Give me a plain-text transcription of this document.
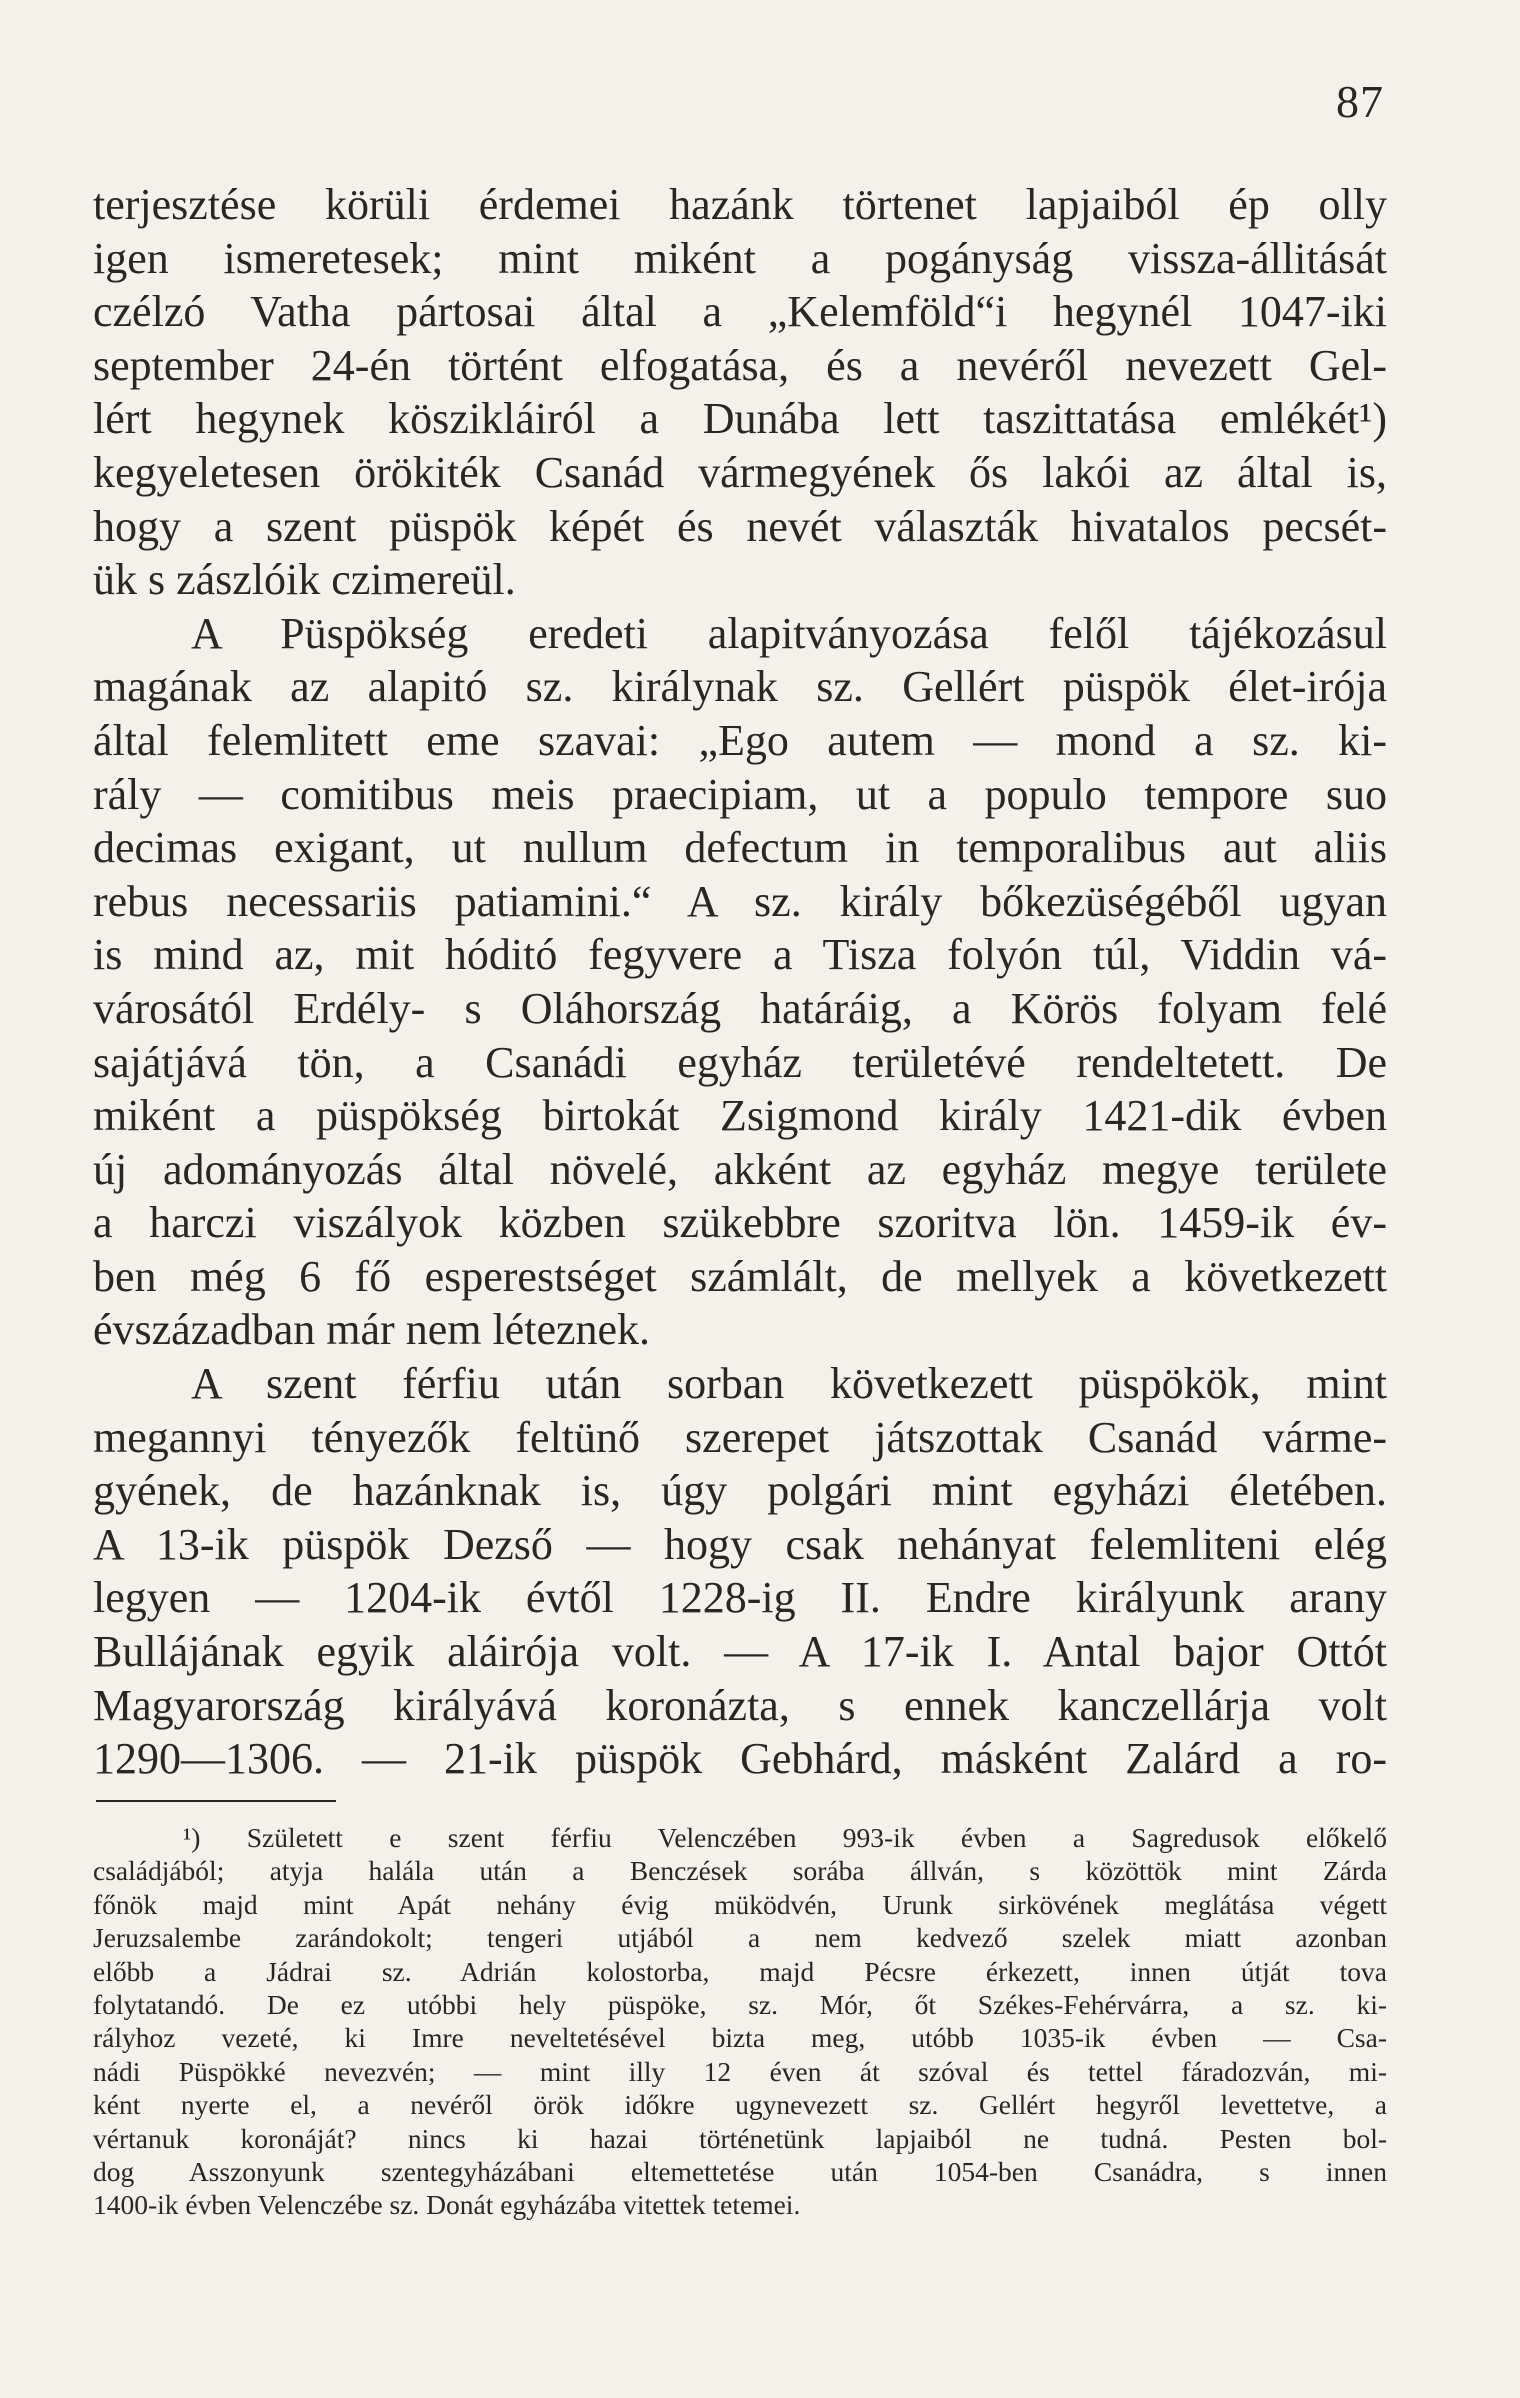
87
terjesztése körüli érdemei hazánk törtenet lapjaiból ép olly
igen ismeretesek; mint miként a pogányság vissza-állitását
czélzó Vatha pártosai által a „Kelemföld“i hegynél 1047-iki
september 24-én történt elfogatása, és a nevéről nevezett Gel-
lért hegynek köszikláiról a Dunába lett taszittatása emlékét¹)
kegyeletesen örökiték Csanád vármegyének ős lakói az által is,
hogy a szent püspök képét és nevét választák hivatalos pecsét-
ük s zászlóik czimereül.
A Püspökség eredeti alapitványozása felől tájékozásul
magának az alapitó sz. királynak sz. Gellért püspök élet-irója
által felemlitett eme szavai: „Ego autem — mond a sz. ki-
rály — comitibus meis praecipiam, ut a populo tempore suo
decimas exigant, ut nullum defectum in temporalibus aut aliis
rebus necessariis patiamini.“ A sz. király bőkezüségéből ugyan
is mind az, mit hóditó fegyvere a Tisza folyón túl, Viddin vá-
városától Erdély- s Oláhország határáig, a Körös folyam felé
sajátjává tön, a Csanádi egyház területévé rendeltetett. De
miként a püspökség birtokát Zsigmond király 1421-dik évben
új adományozás által növelé, akként az egyház megye területe
a harczi viszályok közben szükebbre szoritva lön. 1459-ik év-
ben még 6 fő esperestséget számlált, de mellyek a következett
évszázadban már nem léteznek.
A szent férfiu után sorban következett püspökök, mint
megannyi tényezők feltünő szerepet játszottak Csanád várme-
gyének, de hazánknak is, úgy polgári mint egyházi életében.
A 13-ik püspök Dezső — hogy csak nehányat felemliteni elég
legyen — 1204-ik évtől 1228-ig II. Endre királyunk arany
Bullájának egyik aláirója volt. — A 17-ik I. Antal bajor Ottót
Magyarország királyává koronázta, s ennek kanczellárja volt
1290—1306. — 21-ik püspök Gebhárd, másként Zalárd a ro-
¹) Született e szent férfiu Velenczében 993-ik évben a Sagredusok előkelő
családjából; atyja halála után a Benczések sorába állván, s közöttök mint Zárda
főnök majd mint Apát nehány évig müködvén, Urunk sirkövének meglátása végett
Jeruzsalembe zarándokolt; tengeri utjából a nem kedvező szelek miatt azonban
előbb a Jádrai sz. Adrián kolostorba, majd Pécsre érkezett, innen útját tova
folytatandó. De ez utóbbi hely püspöke, sz. Mór, őt Székes-Fehérvárra, a sz. ki-
rályhoz vezeté, ki Imre neveltetésével bizta meg, utóbb 1035-ik évben — Csa-
nádi Püspökké nevezvén; — mint illy 12 éven át szóval és tettel fáradozván, mi-
ként nyerte el, a nevéről örök időkre ugynevezett sz. Gellért hegyről levettetve, a
vértanuk koronáját? nincs ki hazai történetünk lapjaiból ne tudná. Pesten bol-
dog Asszonyunk szentegyházábani eltemettetése után 1054-ben Csanádra, s innen
1400-ik évben Velenczébe sz. Donát egyházába vitettek tetemei.
